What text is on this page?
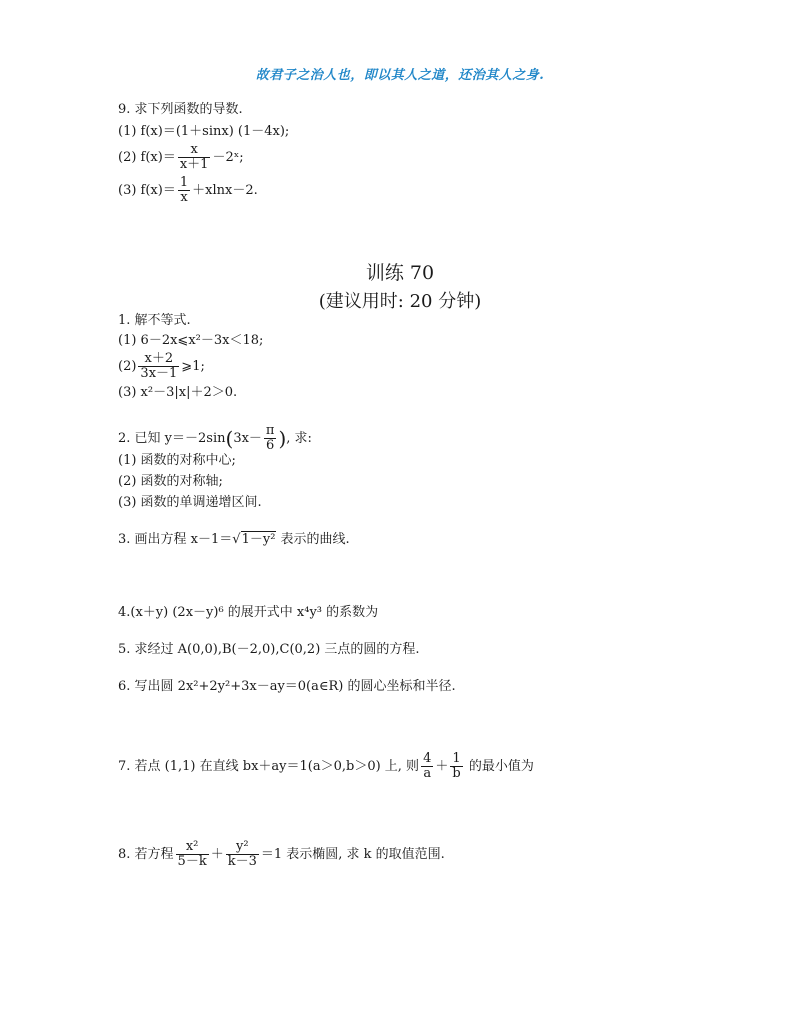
故君子之治人也，即以其人之道，还治其人之身.
9. 求下列函数的导数.
(1) f(x)＝(1＋sinx) (1－4x);
(2) $f(x)= \frac{x}{x+1}$ －2ˣ;
(3) $f(x)= \frac{1}{x} +xlnx-2$.
训练 70
(建议用时: 20 分钟)
1. 解不等式.
(1) 6－2x⩽x²－3x＜18;
$(2) \frac{x+2}{3x-1}$ ⩾1;
(3) x²－3|x|＋2＞0.
2. 已知 $y=-2\sin(3x- \frac{\pi}{6}$ ), 求:
(1) 函数的对称中心;
(2) 函数的对称轴;
(3) 函数的单调递增区间.
3. 画出方程 x－1＝√1－y² 表示的曲线.
4.(x＋y) (2x－y)⁶ 的展开式中 x⁴y³ 的系数为
5. 求经过 A(0,0),B(－2,0),C(0,2) 三点的圆的方程.
6. 写出圆 2x²+2y²+3x－ay＝0(a∈R) 的圆心坐标和半径.
7. 若点 (1,1) 在直线 bx＋ay＝1(a＞0,b＞0) 上, 则 $\frac{4}{a} + \frac{1}{b}$ 的最小值为
8. 若方程 $\frac{\text{x²}}{5-k} + \frac{\text{y²}}{k-3} =1$ 表示椭圆, 求 k 的取值范围.
